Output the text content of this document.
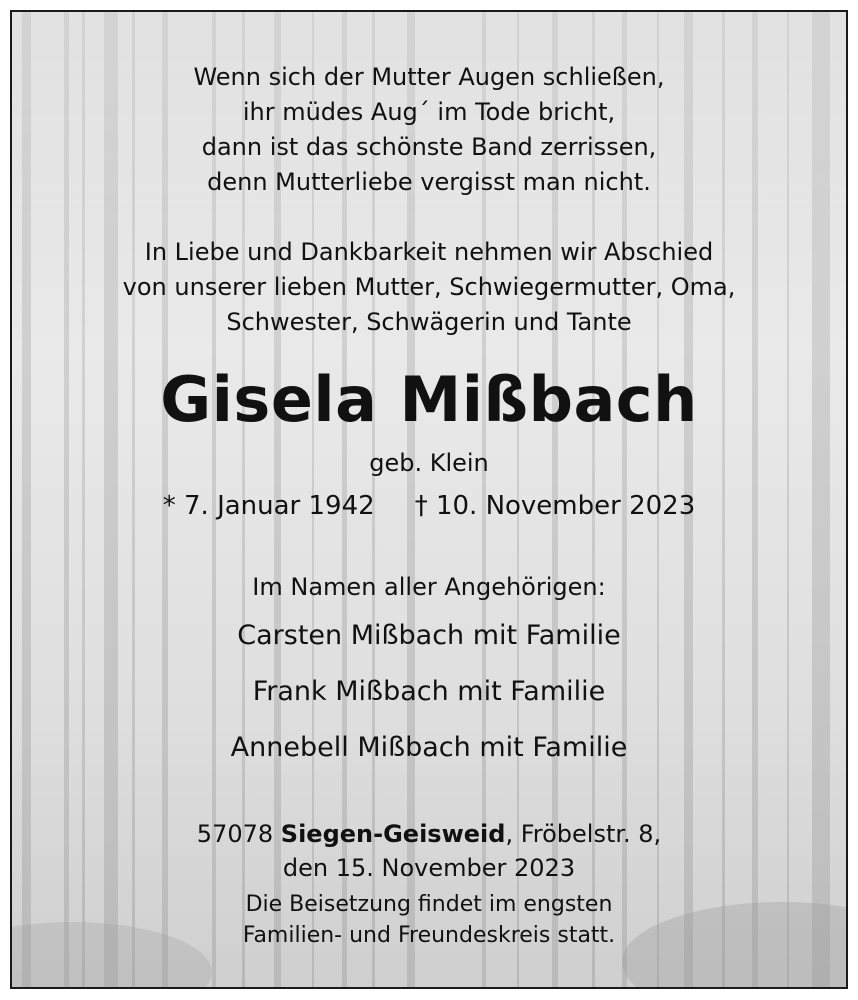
Wenn sich der Mutter Augen schließen,
ihr müdes Aug´ im Tode bricht,
dann ist das schönste Band zerrissen,
denn Mutterliebe vergisst man nicht.
In Liebe und Dankbarkeit nehmen wir Abschied
von unserer lieben Mutter, Schwiegermutter, Oma,
Schwester, Schwägerin und Tante
Gisela Mißbach
geb. Klein
* 7. Januar 1942 † 10. November 2023
Im Namen aller Angehörigen:
Carsten Mißbach mit Familie
Frank Mißbach mit Familie
Annebell Mißbach mit Familie
57078 Siegen-Geisweid, Fröbelstr. 8,
den 15. November 2023
Die Beisetzung findet im engsten
Familien- und Freundeskreis statt.
